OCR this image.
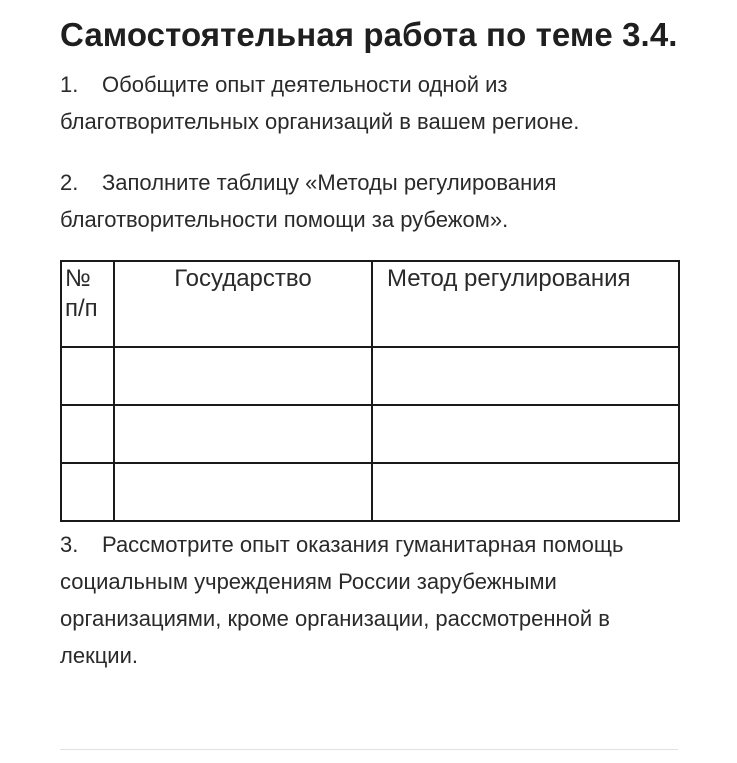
Самостоятельная работа по теме 3.4.
1. Обобщите опыт деятельности одной из
благотворительных организаций в вашем регионе.
2. Заполните таблицу «Методы регулирования
благотворительности помощи за рубежом».
№
п/п	Государство	Метод регулирования

3. Рассмотрите опыт оказания гуманитарная помощь
социальным учреждениям России зарубежными
организациями, кроме организации, рассмотренной в
лекции.
